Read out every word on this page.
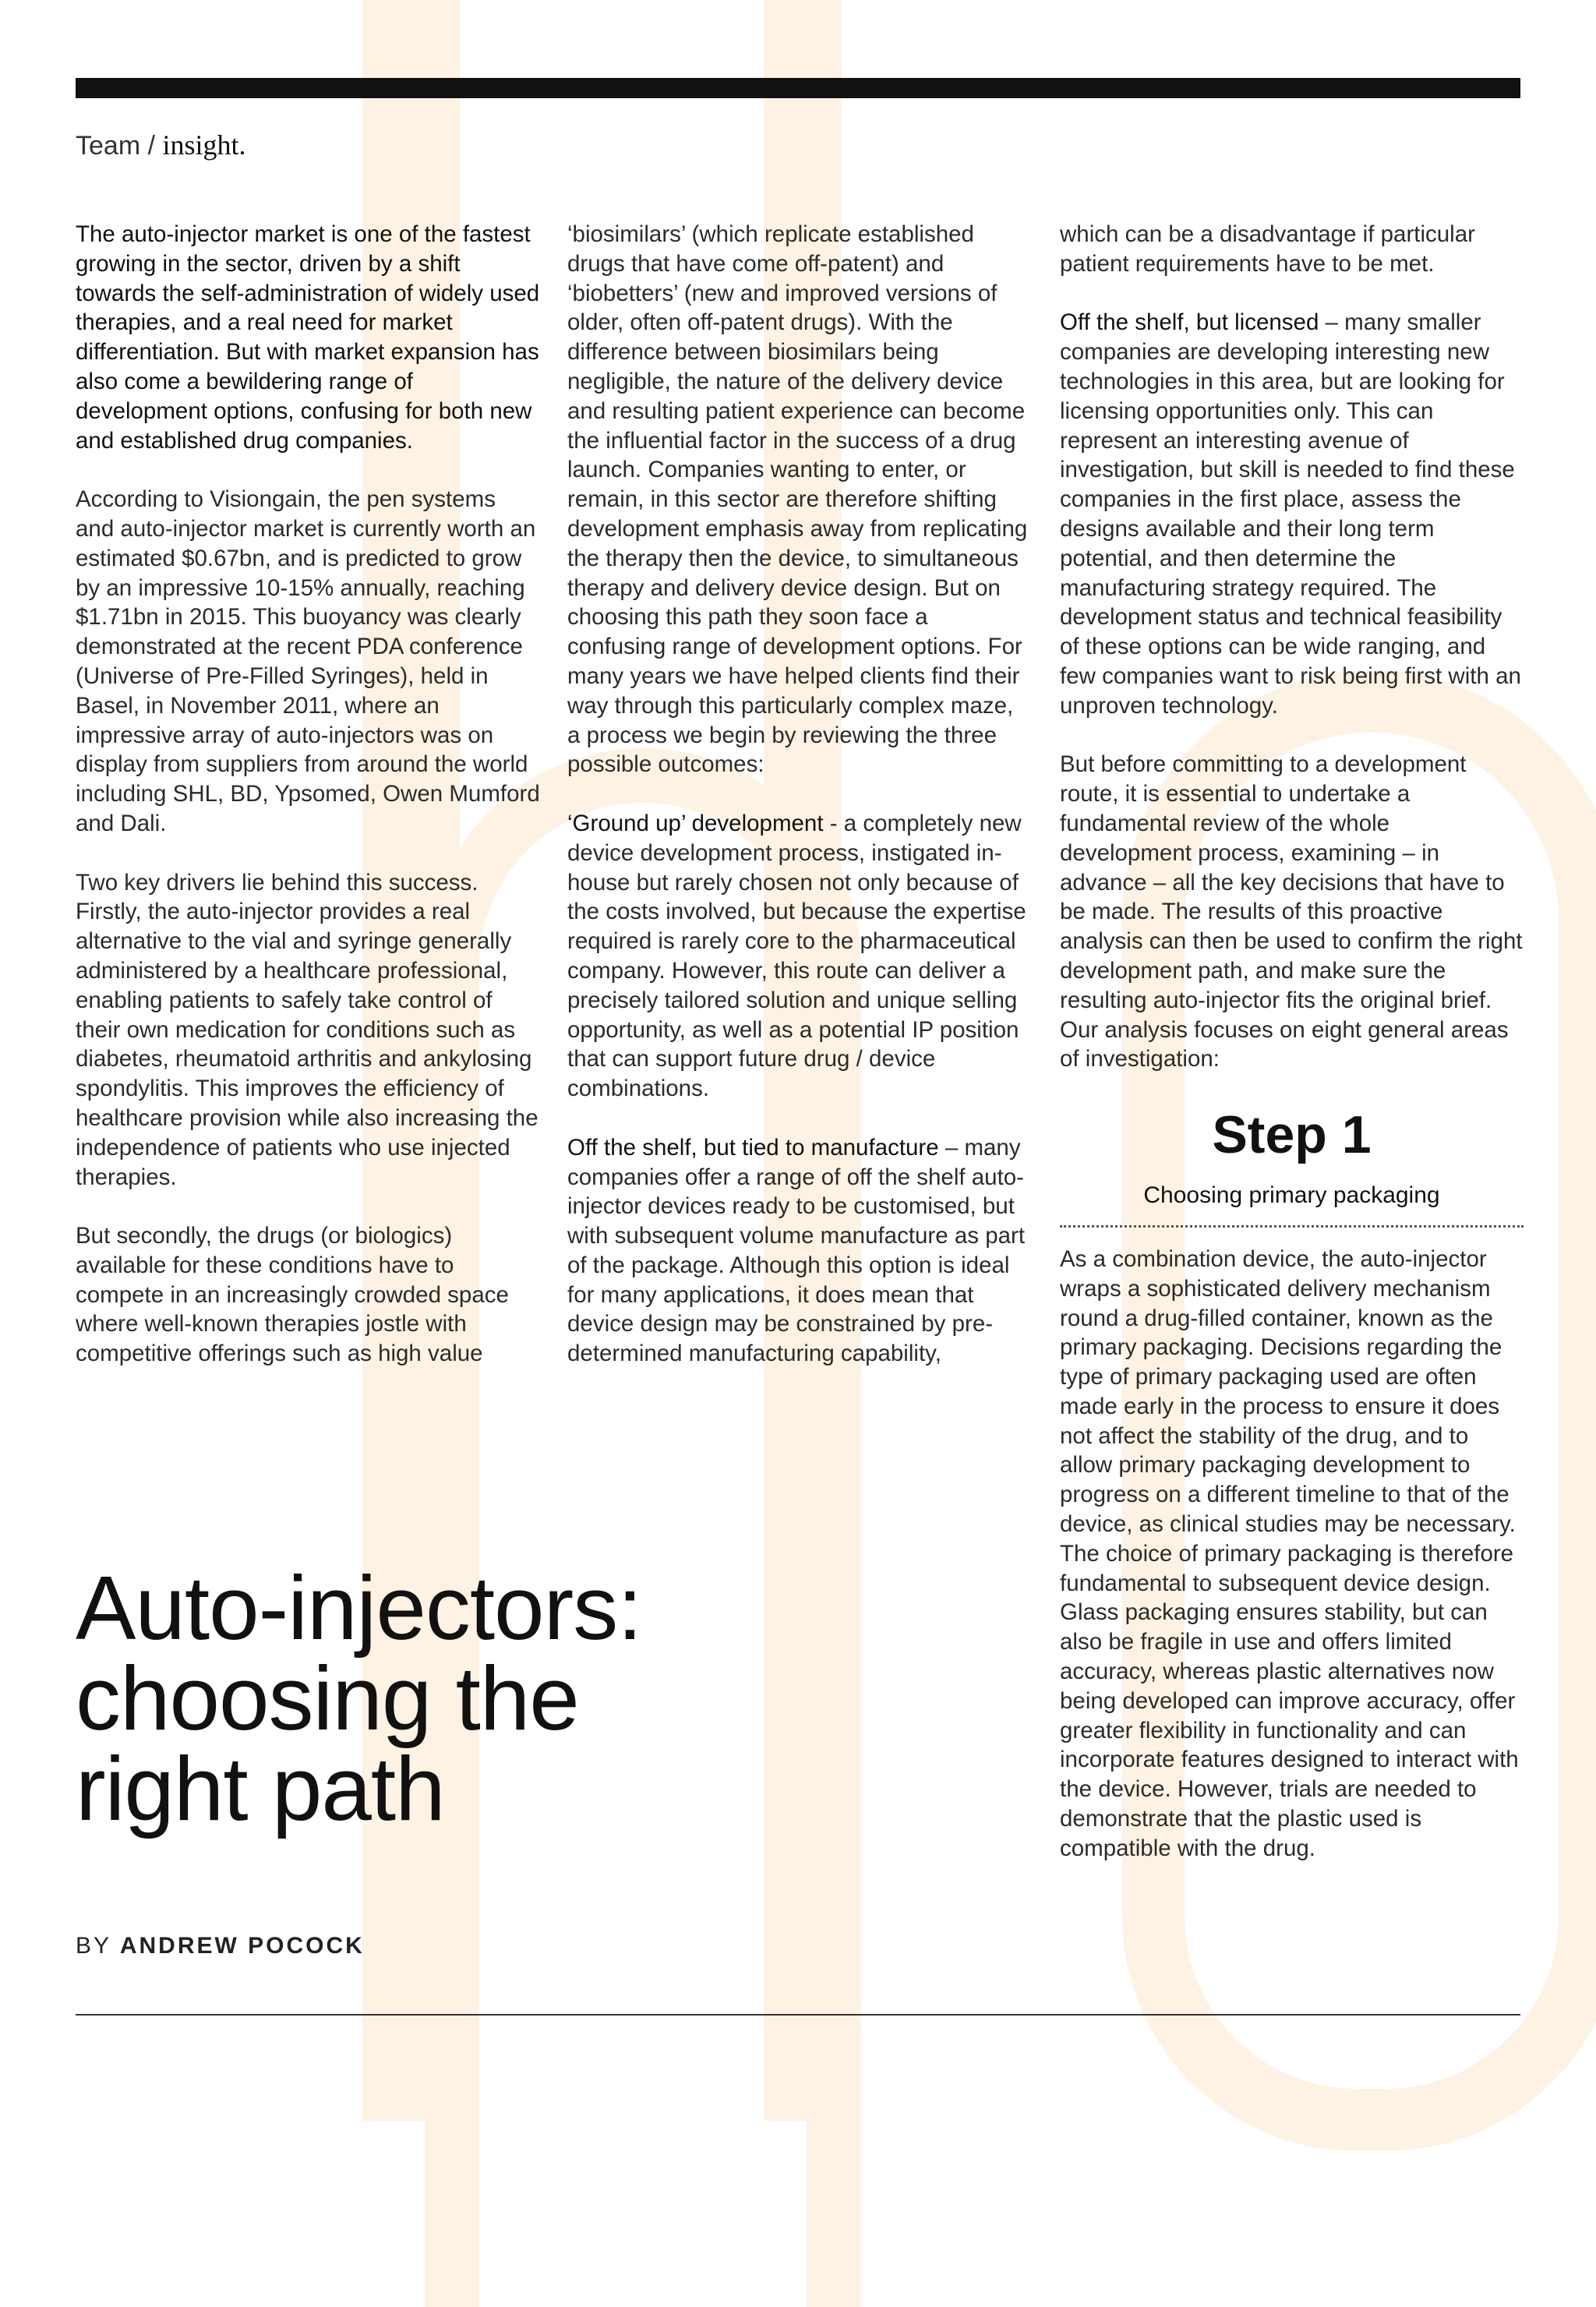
Team / insight.

The auto-injector market is one of the fastest growing in the sector, driven by a shift towards the self-administration of widely used therapies, and a real need for market differentiation. But with market expansion has also come a bewildering range of development options, confusing for both new and established drug companies.

According to Visiongain, the pen systems and auto-injector market is currently worth an estimated $0.67bn, and is predicted to grow by an impressive 10-15% annually, reaching $1.71bn in 2015. This buoyancy was clearly demonstrated at the recent PDA conference (Universe of Pre-Filled Syringes), held in Basel, in November 2011, where an impressive array of auto-injectors was on display from suppliers from around the world including SHL, BD, Ypsomed, Owen Mumford and Dali.

Two key drivers lie behind this success. Firstly, the auto-injector provides a real alternative to the vial and syringe generally administered by a healthcare professional, enabling patients to safely take control of their own medication for conditions such as diabetes, rheumatoid arthritis and ankylosing spondylitis. This improves the efficiency of healthcare provision while also increasing the independence of patients who use injected therapies.

But secondly, the drugs (or biologics) available for these conditions have to compete in an increasingly crowded space where well-known therapies jostle with competitive offerings such as high value

‘biosimilars’ (which replicate established drugs that have come off-patent) and ‘biobetters’ (new and improved versions of older, often off-patent drugs). With the difference between biosimilars being negligible, the nature of the delivery device and resulting patient experience can become the influential factor in the success of a drug launch. Companies wanting to enter, or remain, in this sector are therefore shifting development emphasis away from replicating the therapy then the device, to simultaneous therapy and delivery device design. But on choosing this path they soon face a confusing range of development options. For many years we have helped clients find their way through this particularly complex maze, a process we begin by reviewing the three possible outcomes:

‘Ground up’ development - a completely new device development process, instigated in-house but rarely chosen not only because of the costs involved, but because the expertise required is rarely core to the pharmaceutical company. However, this route can deliver a precisely tailored solution and unique selling opportunity, as well as a potential IP position that can support future drug / device combinations.

Off the shelf, but tied to manufacture – many companies offer a range of off the shelf auto-injector devices ready to be customised, but with subsequent volume manufacture as part of the package. Although this option is ideal for many applications, it does mean that device design may be constrained by pre-determined manufacturing capability,

which can be a disadvantage if particular patient requirements have to be met.

Off the shelf, but licensed – many smaller companies are developing interesting new technologies in this area, but are looking for licensing opportunities only. This can represent an interesting avenue of investigation, but skill is needed to find these companies in the first place, assess the designs available and their long term potential, and then determine the manufacturing strategy required. The development status and technical feasibility of these options can be wide ranging, and few companies want to risk being first with an unproven technology.

But before committing to a development route, it is essential to undertake a fundamental review of the whole development process, examining – in advance – all the key decisions that have to be made. The results of this proactive analysis can then be used to confirm the right development path, and make sure the resulting auto-injector fits the original brief. Our analysis focuses on eight general areas of investigation:

Step 1
Choosing primary packaging

As a combination device, the auto-injector wraps a sophisticated delivery mechanism round a drug-filled container, known as the primary packaging. Decisions regarding the type of primary packaging used are often made early in the process to ensure it does not affect the stability of the drug, and to allow primary packaging development to progress on a different timeline to that of the device, as clinical studies may be necessary. The choice of primary packaging is therefore fundamental to subsequent device design. Glass packaging ensures stability, but can also be fragile in use and offers limited accuracy, whereas plastic alternatives now being developed can improve accuracy, offer greater flexibility in functionality and can incorporate features designed to interact with the device. However, trials are needed to demonstrate that the plastic used is compatible with the drug.

Auto-injectors:
choosing the
right path
BY ANDREW POCOCK
